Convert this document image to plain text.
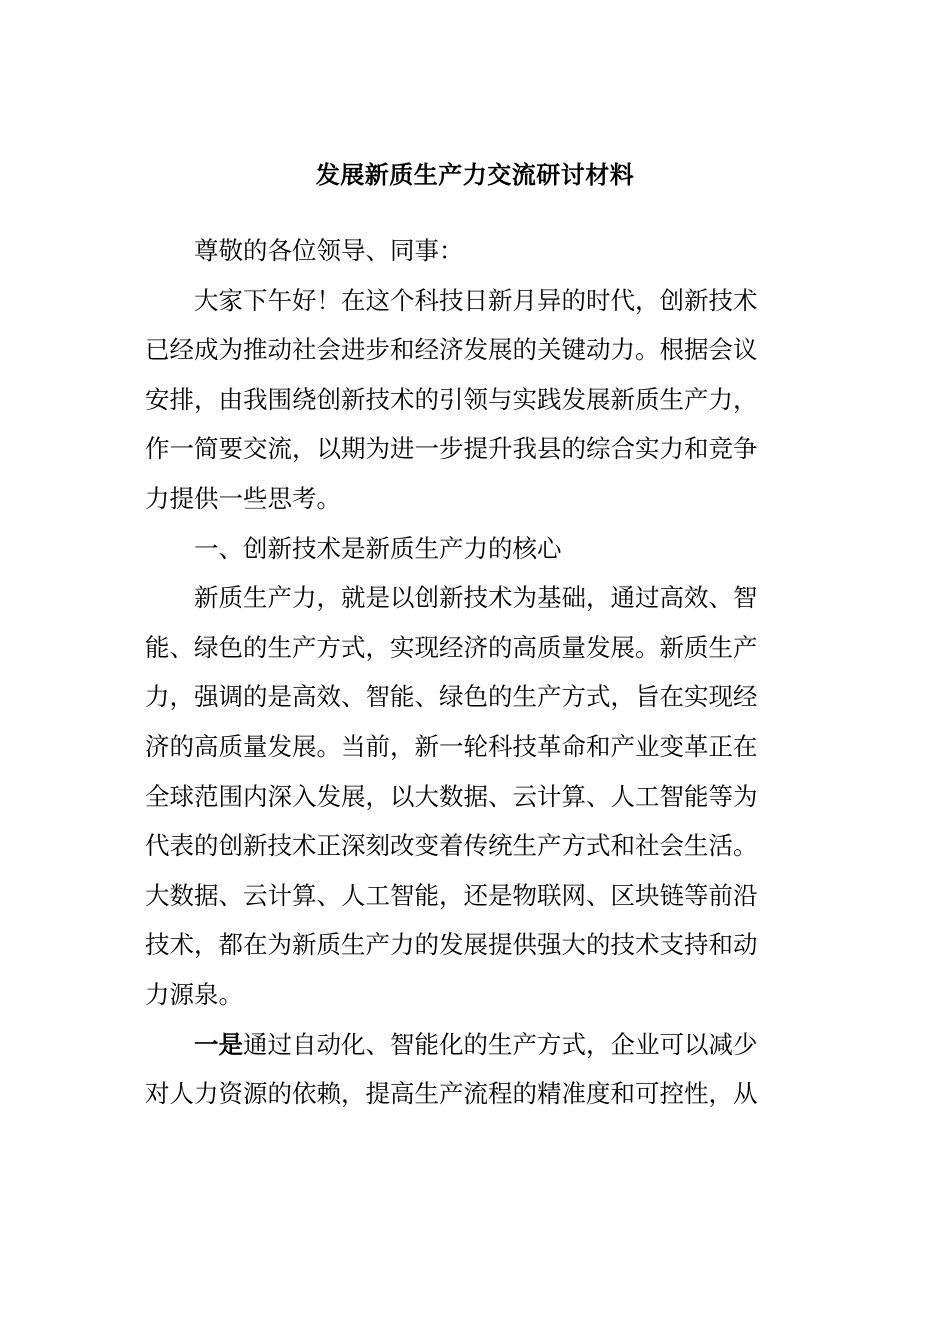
发展新质生产力交流研讨材料

尊敬的各位领导、同事：

大家下午好！在这个科技日新月异的时代，创新技术
已经成为推动社会进步和经济发展的关键动力。根据会议
安排，由我围绕创新技术的引领与实践发展新质生产力，
作一简要交流，以期为进一步提升我县的综合实力和竞争
力提供一些思考。

一、创新技术是新质生产力的核心

新质生产力，就是以创新技术为基础，通过高效、智
能、绿色的生产方式，实现经济的高质量发展。新质生产
力，强调的是高效、智能、绿色的生产方式，旨在实现经
济的高质量发展。当前，新一轮科技革命和产业变革正在
全球范围内深入发展，以大数据、云计算、人工智能等为
代表的创新技术正深刻改变着传统生产方式和社会生活。
大数据、云计算、人工智能，还是物联网、区块链等前沿
技术，都在为新质生产力的发展提供强大的技术支持和动
力源泉。

一是通过自动化、智能化的生产方式，企业可以减少
对人力资源的依赖，提高生产流程的精准度和可控性，从
